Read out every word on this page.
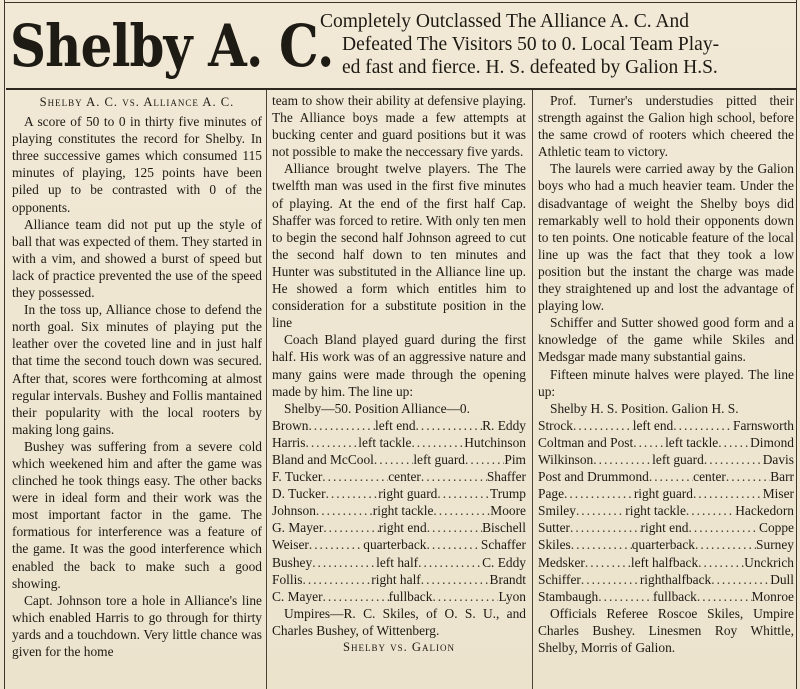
Shelby A. C.
Completely Outclassed The Alliance A. C. And
Defeated The Visitors 50 to 0. Local Team Play-
ed fast and fierce. H. S. defeated by Galion H.S.

Shelby A. C. vs. Alliance A. C.

A score of 50 to 0 in thirty five minutes of playing constitutes the record for Shelby. In three successive games which consumed 115 minutes of playing, 125 points have been piled up to be contrasted with 0 of the opponents.

Alliance team did not put up the style of ball that was expected of them. They started in with a vim, and showed a burst of speed but lack of practice prevented the use of the speed they possessed.

In the toss up, Alliance chose to defend the north goal. Six minutes of playing put the leather over the coveted line and in just half that time the second touch down was secured. After that, scores were forthcoming at almost regular intervals. Bushey and Follis mantained their popularity with the local rooters by making long gains.

Bushey was suffering from a severe cold which weekened him and after the game was clinched he took things easy. The other backs were in ideal form and their work was the most important factor in the game. The formatious for interference was a feature of the game. It was the good interference which enabled the back to make such a good showing.

Capt. Johnson tore a hole in Alliance's line which enabled Harris to go through for thirty yards and a touchdown. Very little chance was given for the home

team to show their ability at defensive playing. The Alliance boys made a few attempts at bucking center and guard positions but it was not possible to make the neccessary five yards.

Alliance brought twelve players. The The twelfth man was used in the first five minutes of playing. At the end of the first half Cap. Shaffer was forced to retire. With only ten men to begin the second half Johnson agreed to cut the second half down to ten minutes and Hunter was substituted in the Alliance line up. He showed a form which entitles him to consideration for a substitute position in the line

Coach Bland played guard during the first half. His work was of an aggressive nature and many gains were made through the opening made by him. The line up:

Shelby—50. Position Alliance—0.

Brown .....	left end .....	R. Eddy
Harris .....	left tackle .....	Hutchinson
Bland and McCool .....	left guard .....	Pim
F. Tucker .....	center .....	Shaffer
D. Tucker .....	right guard .....	Trump
Johnson .....	right tackle .....	Moore
G. Mayer .....	right end .....	Bischell
Weiser .....	quarterback .....	Schaffer
Bushey .....	left half .....	C. Eddy
Follis .....	right half .....	Brandt
C. Mayer .....	fullback .....	Lyon

Umpires—R. C. Skiles, of O. S. U., and Charles Bushey, of Wittenberg.

Shelby vs. Galion

Prof. Turner's understudies pitted their strength against the Galion high school, before the same crowd of rooters which cheered the Athletic team to victory.

The laurels were carried away by the Galion boys who had a much heavier team. Under the disadvantage of weight the Shelby boys did remarkably well to hold their opponents down to ten points. One noticable feature of the local line up was the fact that they took a low position but the instant the charge was made they straightened up and lost the advantage of playing low.

Schiffer and Sutter showed good form and a knowledge of the game while Skiles and Medsgar made many substantial gains.

Fifteen minute halves were played. The line up:

Shelby H. S. Position. Galion H. S.

Strock .....	left end .....	Farnsworth
Coltman and Post ..... left tackle ..... Dimond
Wilkinson .....	left guard .....	Davis
Post and Drummond .....	center .....	Barr
Page .....	right guard .....	Miser
Smiley .....	right tackle .....	Hackedorn
Sutter .....	right end .....	Coppe
Skiles .....	quarterback .....	Surney
Medsker .....	left halfback .....	Unckrich
Schiffer .....	righthalfback .....	Dull
Stambaugh .....	fullback .....	Monroe

Officials Referee Roscoe Skiles, Umpire Charles Bushey. Linesmen Roy Whittle, Shelby, Morris of Galion.
